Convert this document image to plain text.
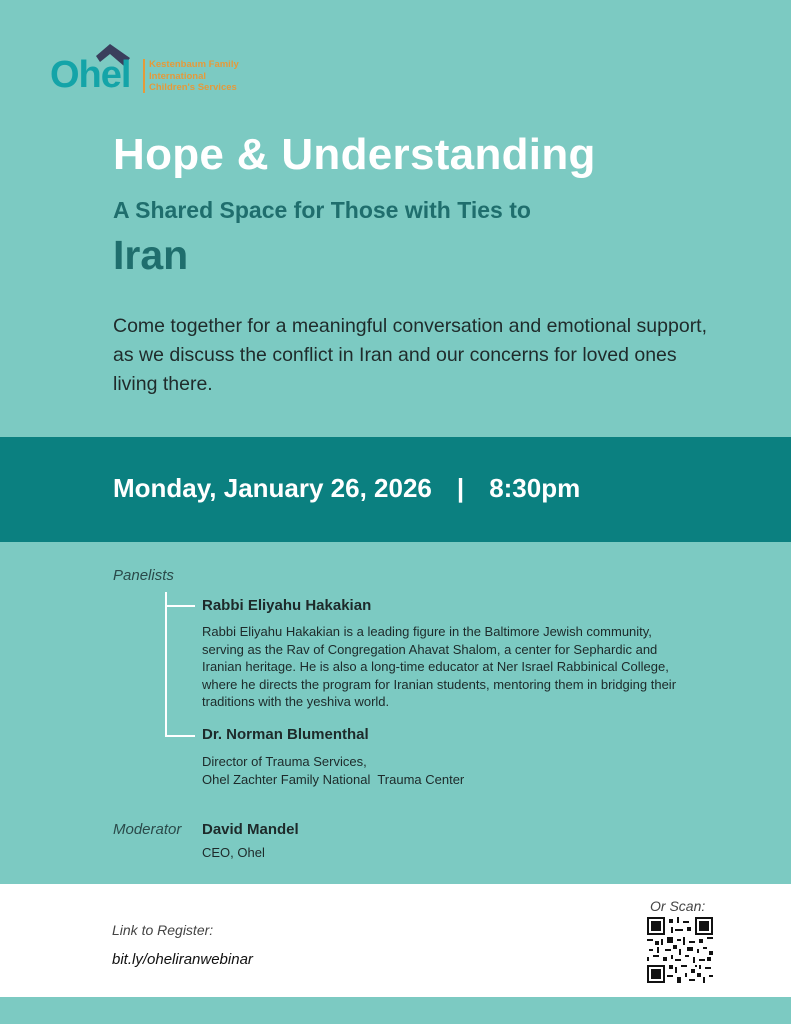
Ohel Kestenbaum Family
International
Children's Services
Hope & Understanding
A Shared Space for Those with Ties to
Iran

Come together for a meaningful conversation and emotional support, as we discuss the conflict in Iran and our concerns for loved ones living there.

Monday, January 26, 2026 | 8:30pm
Panelists
Rabbi Eliyahu Hakakian

Rabbi Eliyahu Hakakian is a leading figure in the Baltimore Jewish community, serving as the Rav of Congregation Ahavat Shalom, a center for Sephardic and Iranian heritage. He is also a long-time educator at Ner Israel Rabbinical College, where he directs the program for Iranian students, mentoring them in bridging their traditions with the yeshiva world.

Dr. Norman Blumenthal
Director of Trauma Services,
Ohel Zachter Family National  Trauma Center
Moderator David Mandel
CEO, Ohel
Link to Register:
bit.ly/oheliranwebinar
Or Scan:
